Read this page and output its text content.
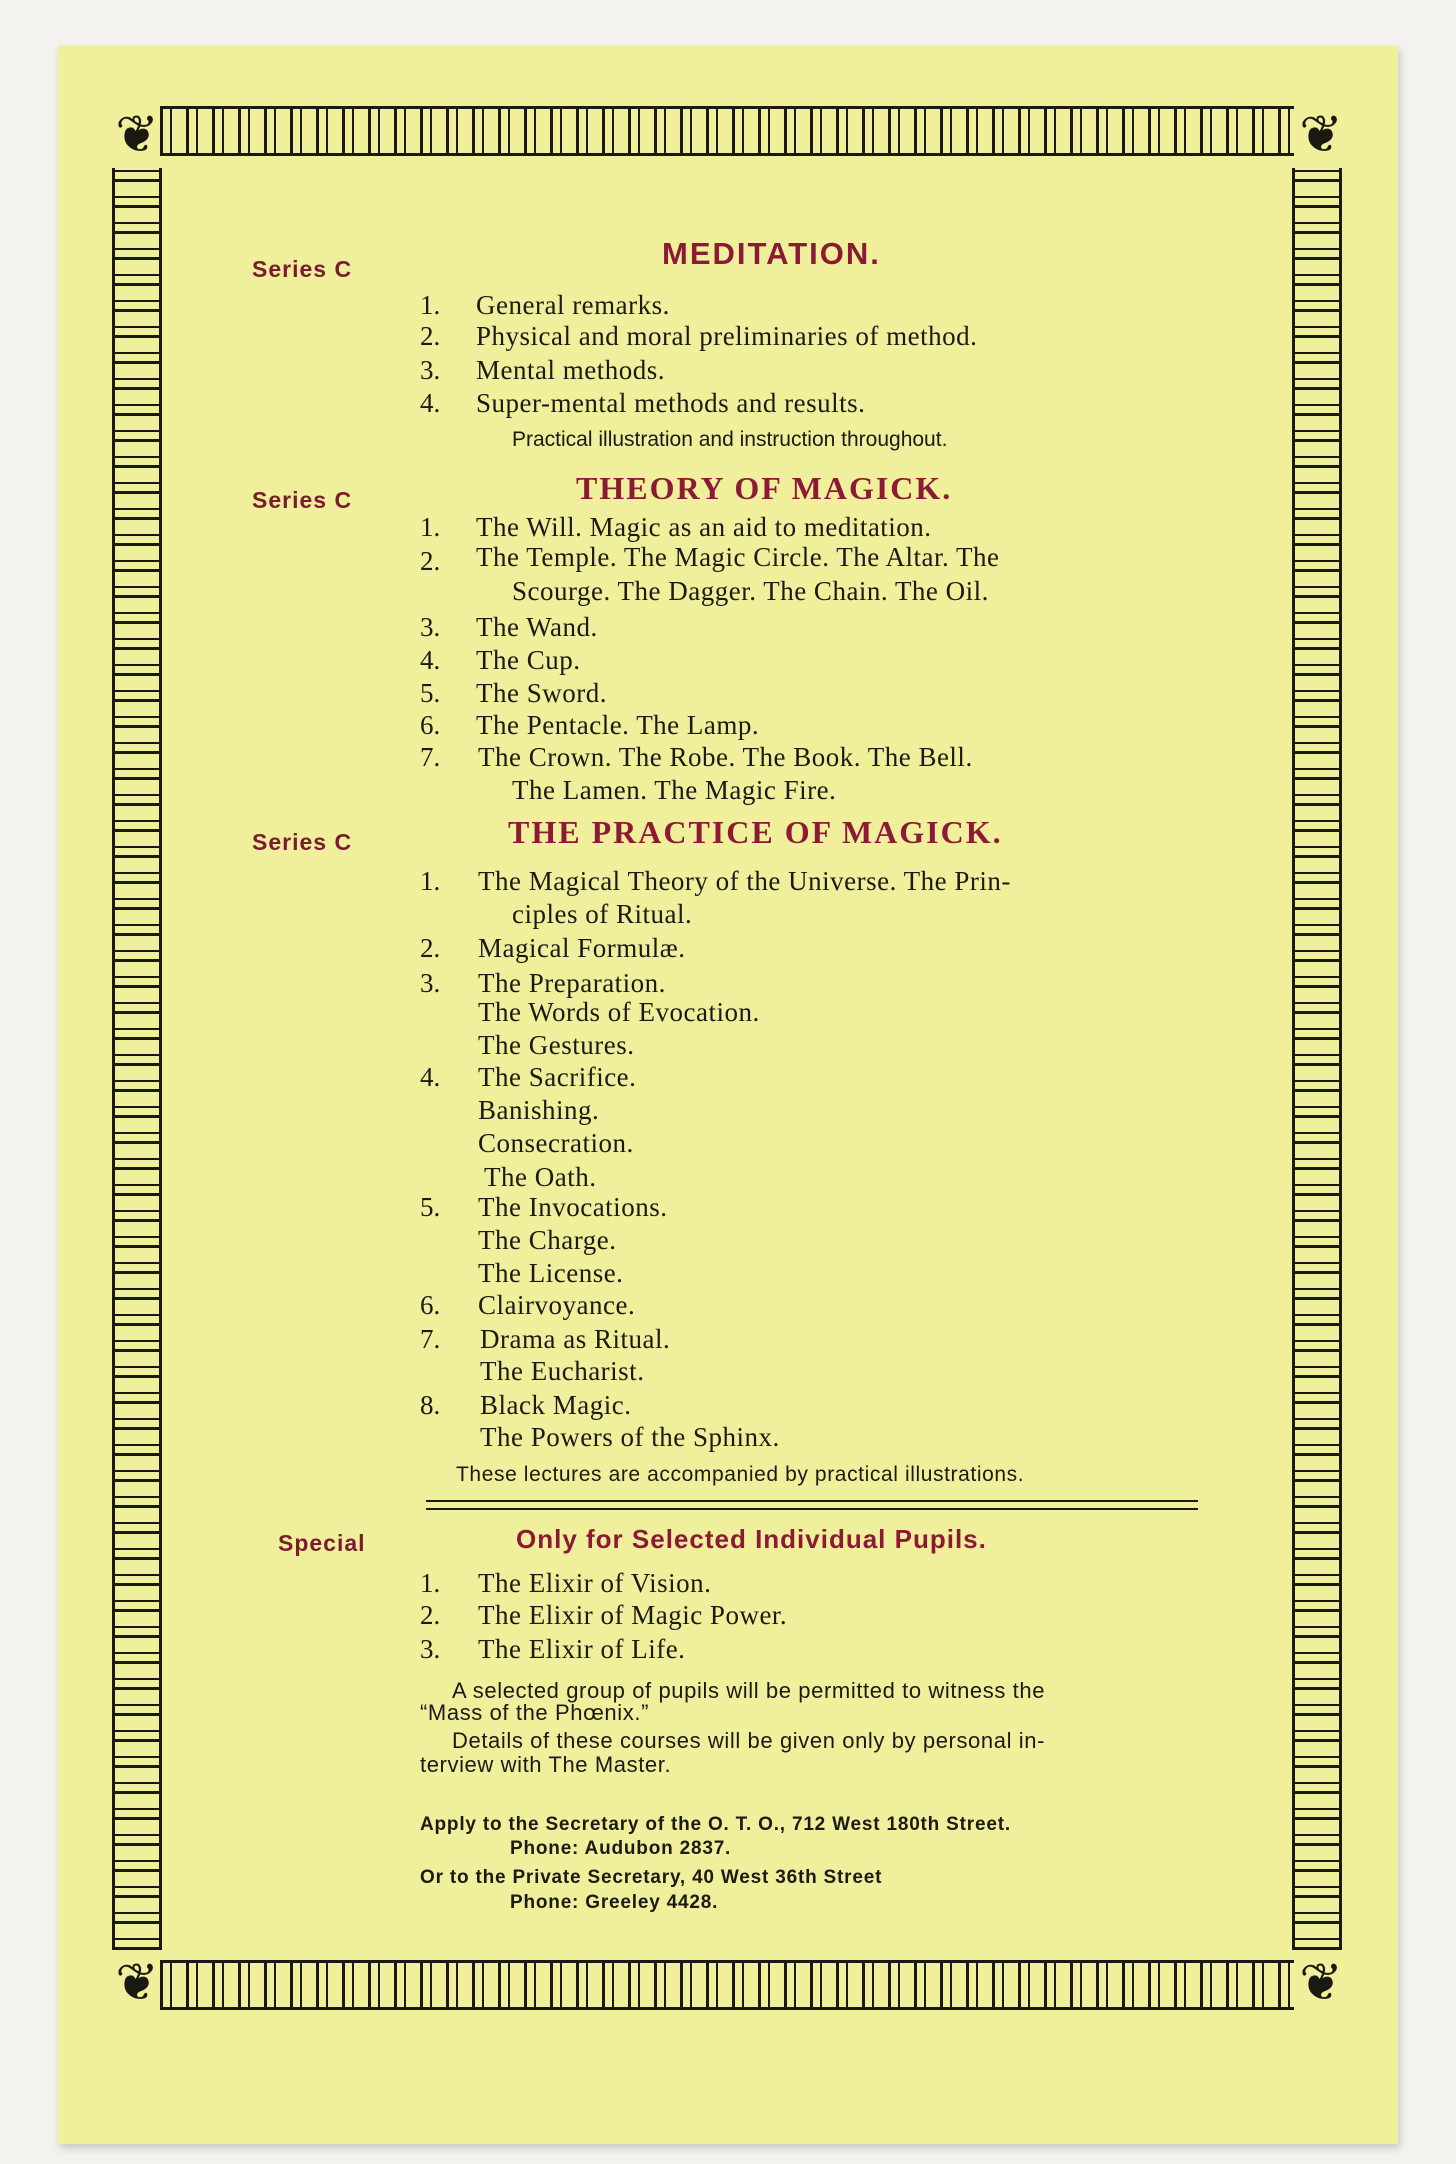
❦	❦
❦	❦
Series C	MEDITATION.
1. General remarks.
2. Physical and moral preliminaries of method.
3. Mental methods.
4. Super-mental methods and results.
Practical illustration and instruction throughout.
Series C	THEORY OF MAGICK.
1. The Will. Magic as an aid to meditation.
2. The Temple. The Magic Circle. The Altar. The
Scourge. The Dagger. The Chain. The Oil.
3. The Wand.
4. The Cup.
5. The Sword.
6. The Pentacle. The Lamp.
7. The Crown. The Robe. The Book. The Bell.
The Lamen. The Magic Fire.
Series C	THE PRACTICE OF MAGICK.
1. The Magical Theory of the Universe. The Prin-
ciples of Ritual.
2. Magical Formulæ.
3. The Preparation.
The Words of Evocation.
The Gestures.
4. The Sacrifice.
Banishing.
Consecration.
The Oath.
5. The Invocations.
The Charge.
The License.
6. Clairvoyance.
7. Drama as Ritual.
The Eucharist.
8. Black Magic.
The Powers of the Sphinx.
These lectures are accompanied by practical illustrations.
Special	Only for Selected Individual Pupils.
1. The Elixir of Vision.
2. The Elixir of Magic Power.
3. The Elixir of Life.
A selected group of pupils will be permitted to witness the
“Mass of the Phœnix.”
Details of these courses will be given only by personal in-
terview with The Master.
Apply to the Secretary of the O. T. O., 712 West 180th Street.
Phone: Audubon 2837.
Or to the Private Secretary, 40 West 36th Street
Phone: Greeley 4428.
